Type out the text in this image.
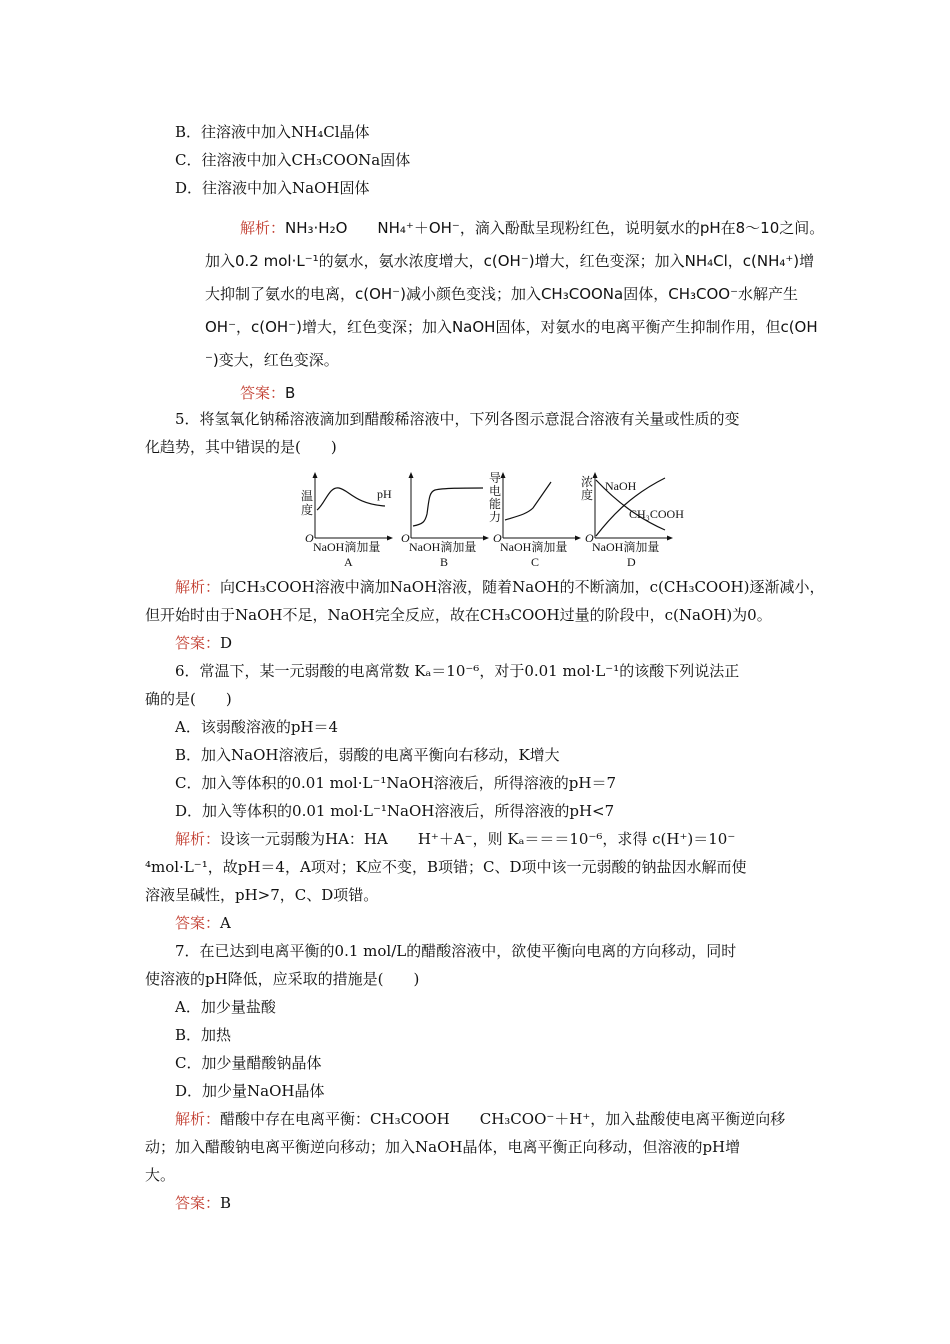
B．往溶液中加入NH₄Cl晶体
C．往溶液中加入CH₃COONa固体
D．往溶液中加入NaOH固体
解析：NH₃·H₂O　　NH₄⁺＋OH⁻，滴入酚酞呈现粉红色，说明氨水的pH在8～10之间。
加入0.2 mol·L⁻¹的氨水，氨水浓度增大，c(OH⁻)增大，红色变深；加入NH₄Cl，c(NH₄⁺)增
大抑制了氨水的电离，c(OH⁻)减小颜色变浅；加入CH₃COONa固体，CH₃COO⁻水解产生
OH⁻，c(OH⁻)增大，红色变深；加入NaOH固体，对氨水的电离平衡产生抑制作用，但c(OH
⁻)变大，红色变深。
答案：B
5．将氢氧化钠稀溶液滴加到醋酸稀溶液中，下列各图示意混合溶液有关量或性质的变
化趋势，其中错误的是(　　)
温
度
pH
O
NaOH滴加量
A
O
NaOH滴加量
B
导
电
能
力
O
NaOH滴加量
C
浓
度
NaOH
CH₃COOH
O
NaOH滴加量
D
解析：向CH₃COOH溶液中滴加NaOH溶液，随着NaOH的不断滴加，c(CH₃COOH)逐渐减小，
但开始时由于NaOH不足，NaOH完全反应，故在CH₃COOH过量的阶段中，c(NaOH)为0。
答案：D
6．常温下，某一元弱酸的电离常数 Kₐ＝10⁻⁶，对于0.01 mol·L⁻¹的该酸下列说法正
确的是(　　)
A．该弱酸溶液的pH＝4
B．加入NaOH溶液后，弱酸的电离平衡向右移动，K增大
C．加入等体积的0.01 mol·L⁻¹NaOH溶液后，所得溶液的pH＝7
D．加入等体积的0.01 mol·L⁻¹NaOH溶液后，所得溶液的pH<7
解析：设该一元弱酸为HA：HA　　H⁺＋A⁻，则 Kₐ＝＝＝10⁻⁶，求得 c(H⁺)＝10⁻
⁴mol·L⁻¹，故pH＝4，A项对；K应不变，B项错；C、D项中该一元弱酸的钠盐因水解而使
溶液呈碱性，pH>7，C、D项错。
答案：A
7．在已达到电离平衡的0.1 mol/L的醋酸溶液中，欲使平衡向电离的方向移动，同时
使溶液的pH降低，应采取的措施是(　　)
A．加少量盐酸
B．加热
C．加少量醋酸钠晶体
D．加少量NaOH晶体
解析：醋酸中存在电离平衡：CH₃COOH　　CH₃COO⁻＋H⁺，加入盐酸使电离平衡逆向移
动；加入醋酸钠电离平衡逆向移动；加入NaOH晶体，电离平衡正向移动，但溶液的pH增
大。
答案：B
